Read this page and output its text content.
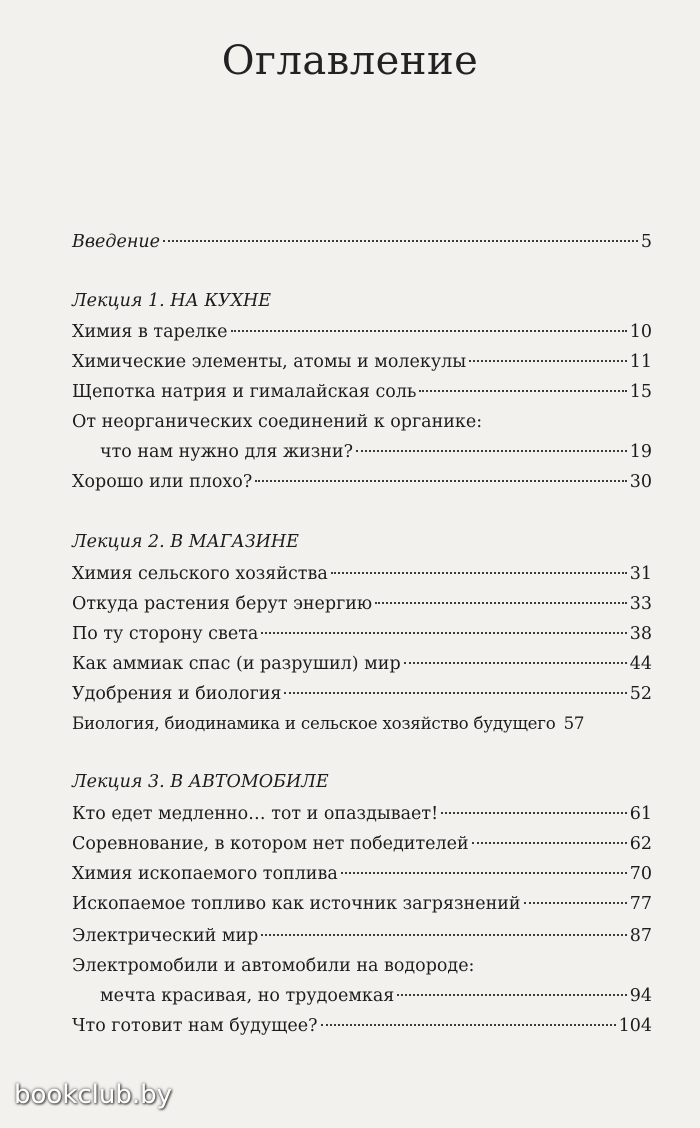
Оглавление
Введение	5
Лекция 1. НА КУХНЕ
Химия в тарелке	10
Химические элементы, атомы и молекулы	11
Щепотка натрия и гималайская соль	15
От неорганических соединений к органике:
что нам нужно для жизни?	19
Хорошо или плохо?	30
Лекция 2. В МАГАЗИНЕ
Химия сельского хозяйства	31
Откуда растения берут энергию	33
По ту сторону света	38
Как аммиак спас (и разрушил) мир	44
Удобрения и биология	52
Биология, биодинамика и сельское хозяйство будущего 57
Лекция 3. В АВТОМОБИЛЕ
Кто едет медленно… тот и опаздывает!	61
Соревнование, в котором нет победителей	62
Химия ископаемого топлива	70
Ископаемое топливо как источник загрязнений	77
Электрический мир	87
Электромобили и автомобили на водороде:
мечта красивая, но трудоемкая	94
Что готовит нам будущее?	104
bookclub.by
